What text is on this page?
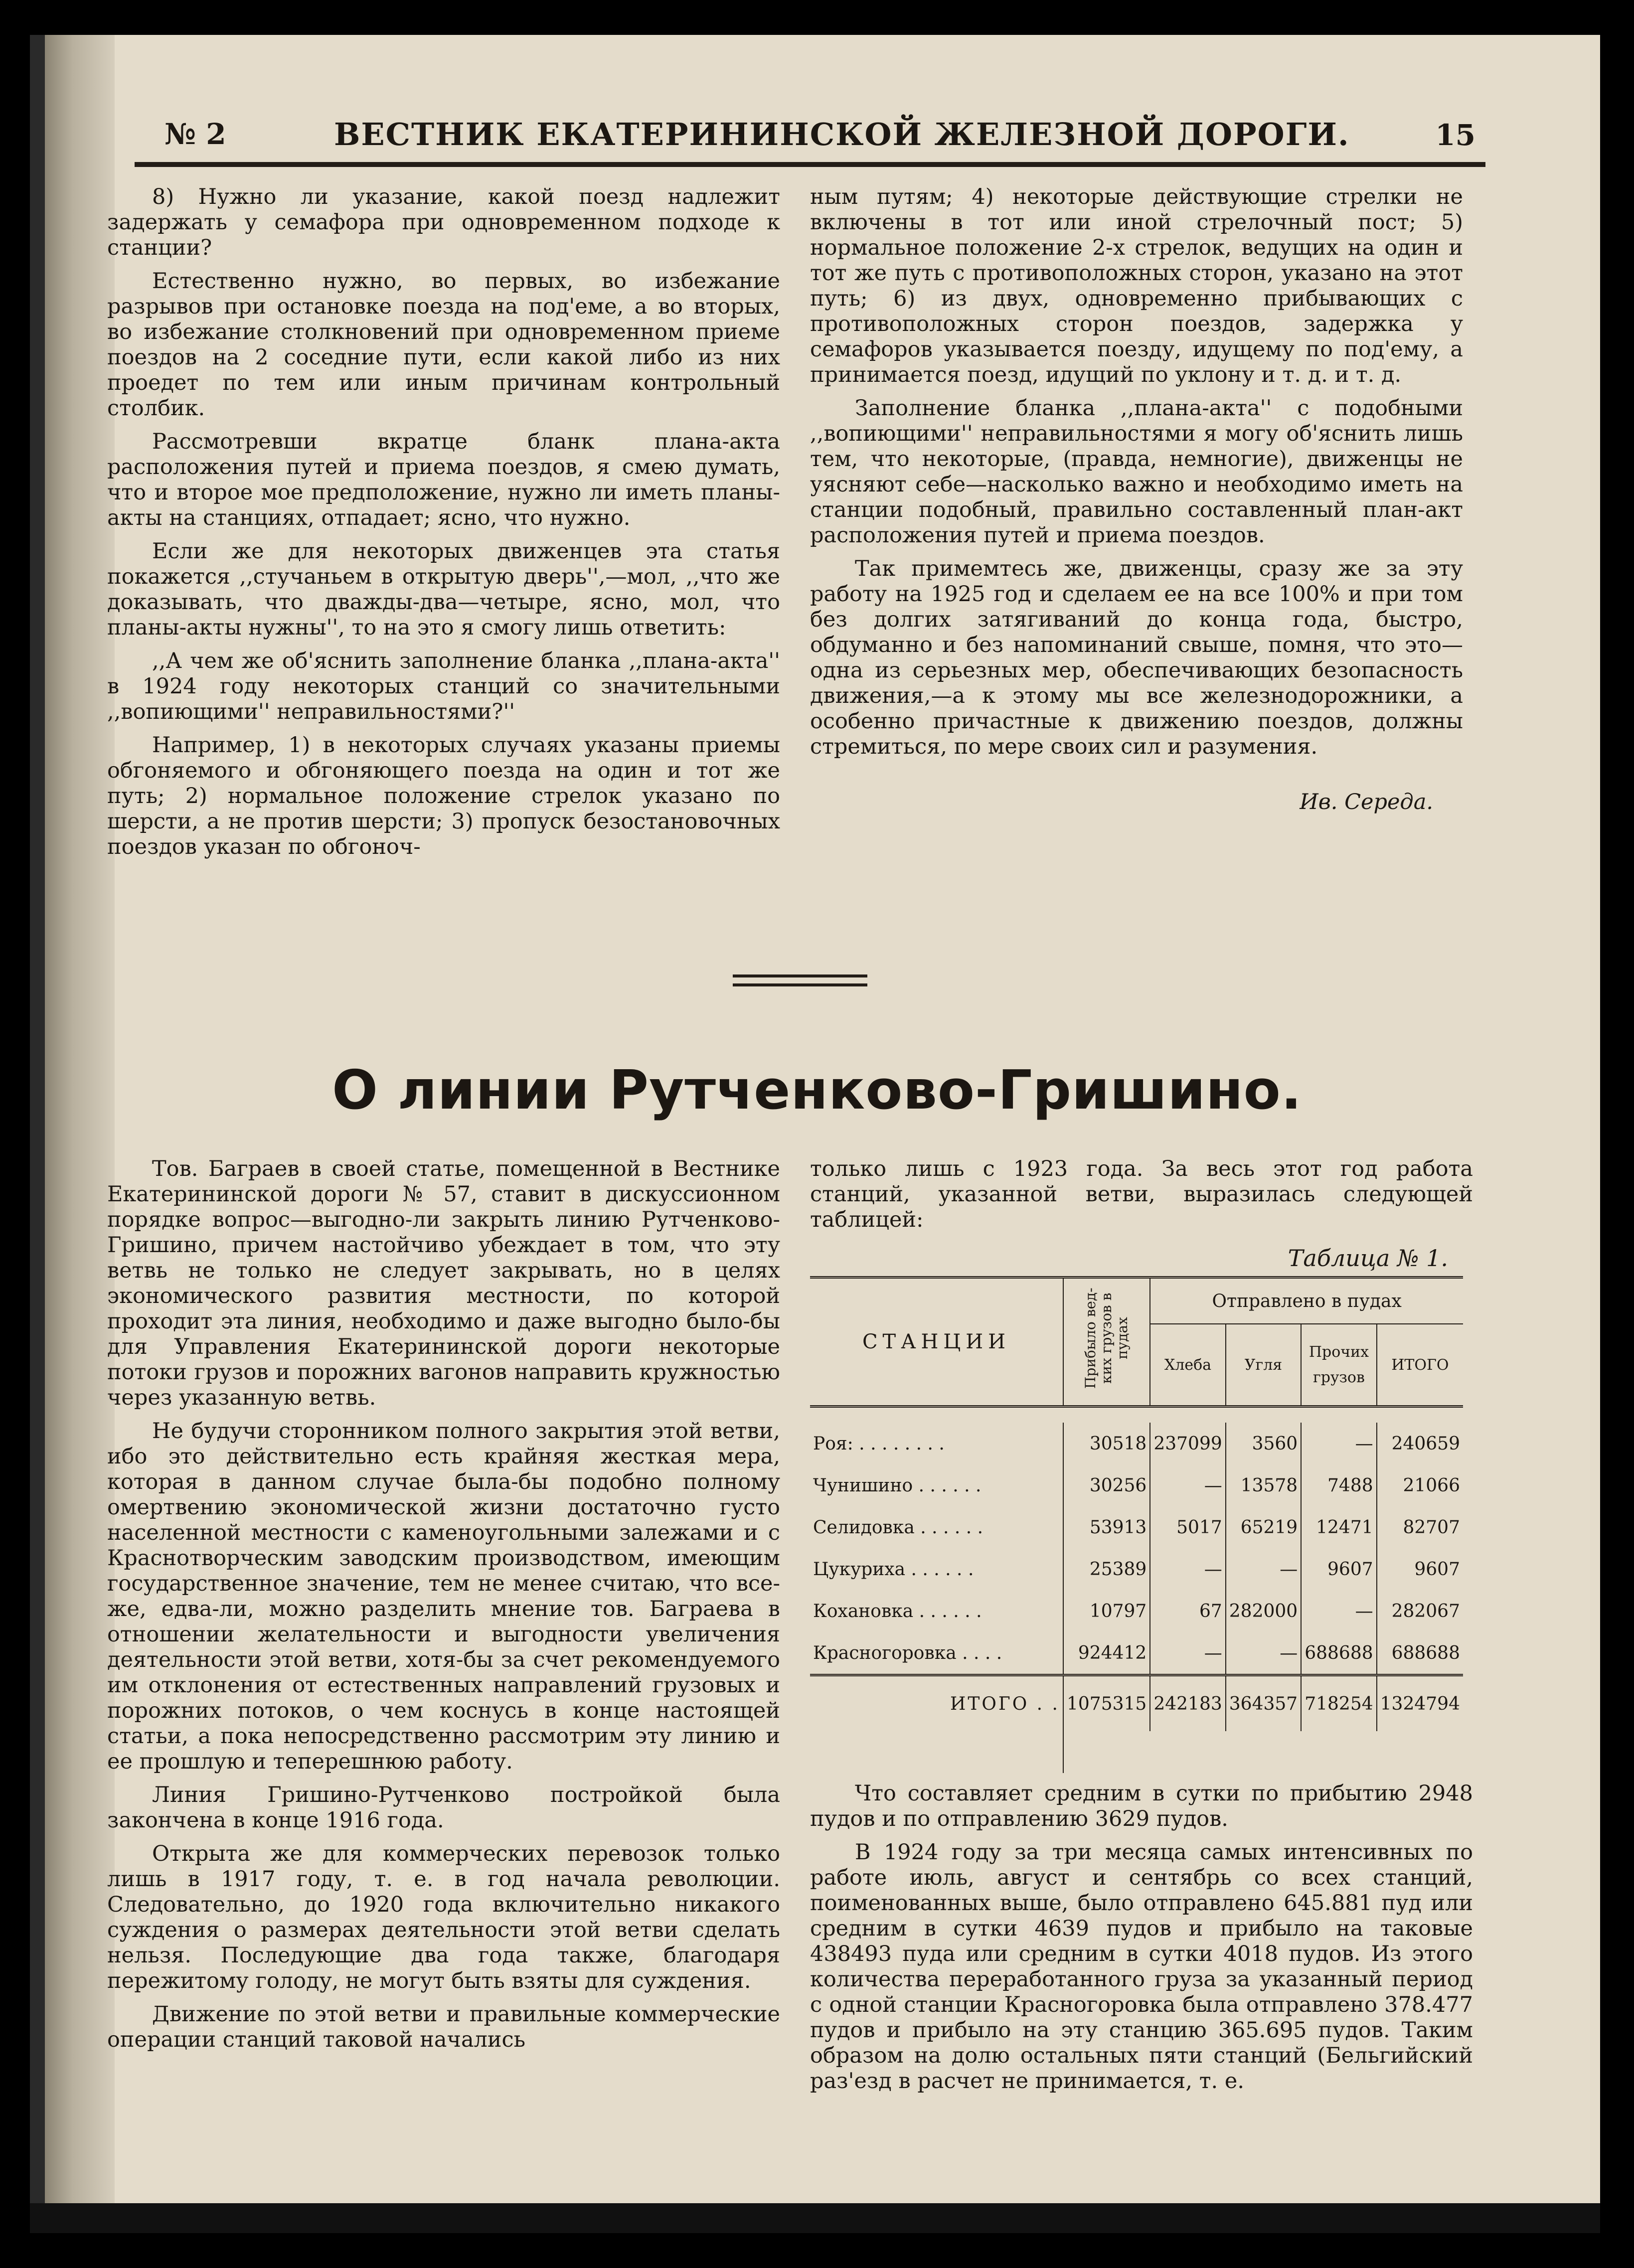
№ 2	ВЕСТНИК ЕКАТЕРИНИНСКОЙ ЖЕЛЕЗНОЙ ДОРОГИ.	15

8) Нужно ли указание, какой поезд надлежит задержать у семафора при одновременном подходе к станции?

Естественно нужно, во первых, во избежание разрывов при остановке поезда на под'еме, а во вторых, во избежание столкновений при одновременном приеме поездов на 2 соседние пути, если какой либо из них проедет по тем или иным причинам контрольный столбик.

Рассмотревши вкратце бланк плана-акта расположения путей и приема поездов, я смею думать, что и второе мое предположение, нужно ли иметь планы-акты на станциях, отпадает; ясно, что нужно.

Если же для некоторых движенцев эта статья покажется ,,стучаньем в открытую дверь'',—мол, ,,что же доказывать, что дважды-два—четыре, ясно, мол, что планы-акты нужны'', то на это я смогу лишь ответить:

,,А чем же об'яснить заполнение бланка ,,плана-акта'' в 1924 году некоторых станций со значительными ,,вопиющими'' неправильностями?''

Например, 1) в некоторых случаях указаны приемы обгоняемого и обгоняющего поезда на один и тот же путь; 2) нормальное положение стрелок указано по шерсти, а не против шерсти; 3) пропуск безостановочных поездов указан по обгоноч-

ным путям; 4) некоторые действующие стрелки не включены в тот или иной стрелочный пост; 5) нормальное положение 2-х стрелок, ведущих на один и тот же путь с противоположных сторон, указано на этот путь; 6) из двух, одновременно прибывающих с противоположных сторон поездов, задержка у семафоров указывается поезду, идущему по под'ему, а принимается поезд, идущий по уклону и т. д. и т. д.

Заполнение бланка ,,плана-акта'' с подобными ,,вопиющими'' неправильностями я могу об'яснить лишь тем, что некоторые, (правда, немногие), движенцы не уясняют себе—насколько важно и необходимо иметь на станции подобный, правильно составленный план-акт расположения путей и приема поездов.

Так примемтесь же, движенцы, сразу же за эту работу на 1925 год и сделаем ее на все 100% и при том без долгих затягиваний до конца года, быстро, обдуманно и без напоминаний свыше, помня, что это—одна из серьезных мер, обеспечивающих безопасность движения,—а к этому мы все железнодорожники, а особенно причастные к движению поездов, должны стремиться, по мере своих сил и разумения.

Ив. Середа.
О линии Рутченково-Гришино.

Тов. Баграев в своей статье, помещенной в Вестнике Екатерининской дороги № 57, ставит в дискуссионном порядке вопрос—выгодно-ли закрыть линию Рутченково-Гришино, причем настойчиво убеждает в том, что эту ветвь не только не следует закрывать, но в целях экономического развития местности, по которой проходит эта линия, необходимо и даже выгодно было-бы для Управления Екатерининской дороги некоторые потоки грузов и порожних вагонов направить кружностью через указанную ветвь.

Не будучи сторонником полного закрытия этой ветви, ибо это действительно есть крайняя жесткая мера, которая в данном случае была-бы подобно полному омертвению экономической жизни достаточно густо населенной местности с каменоугольными залежами и с Краснотворческим заводским производством, имеющим государственное значение, тем не менее считаю, что все-же, едва-ли, можно разделить мнение тов. Баграева в отношении желательности и выгодности увеличения деятельности этой ветви, хотя-бы за счет рекомендуемого им отклонения от естественных направлений грузовых и порожних потоков, о чем коснусь в конце настоящей статьи, а пока непосредственно рассмотрим эту линию и ее прошлую и теперешнюю работу.

Линия Гришино-Рутченково постройкой была закончена в конце 1916 года.

Открыта же для коммерческих перевозок только лишь в 1917 году, т. е. в год начала революции. Следовательно, до 1920 года включительно никакого суждения о размерах деятельности этой ветви сделать нельзя. Последующие два года также, благодаря пережитому голоду, не могут быть взяты для суждения.

Движение по этой ветви и правильные коммерческие операции станций таковой начались

только лишь с 1923 года. За весь этот год работа станций, указанной ветви, выразилась следующей таблицей:

Таблица № 1.
СТАНЦИИ	Прибыло вед-ких грузов в пудах	Отправлено в пудах			
		Хлеба	Угля	Прочих грузов	ИТОГО

Роя: . . . . . . . .	30518	237099	3560	—	240659
Чунишино . . . . . .	30256	—	13578	7488	21066
Селидовка . . . . . .	53913	5017	65219	12471	82707
Цукуриха . . . . . .	25389	—	—	9607	9607
Кохановка . . . . . .	10797	67	282000	—	282067
Красногоровка . . . .	924412	—	—	688688	688688
ИТОГО . .	1075315	242183	364357	718254	1324794

Что составляет средним в сутки по прибытию 2948 пудов и по отправлению 3629 пудов.

В 1924 году за три месяца самых интенсивных по работе июль, август и сентябрь со всех станций, поименованных выше, было отправлено 645.881 пуд или средним в сутки 4639 пудов и прибыло на таковые 438493 пуда или средним в сутки 4018 пудов. Из этого количества переработанного груза за указанный период с одной станции Красногоровка была отправлено 378.477 пудов и прибыло на эту станцию 365.695 пудов. Таким образом на долю остальных пяти станций (Бельгийский раз'езд в расчет не принимается, т. е.
